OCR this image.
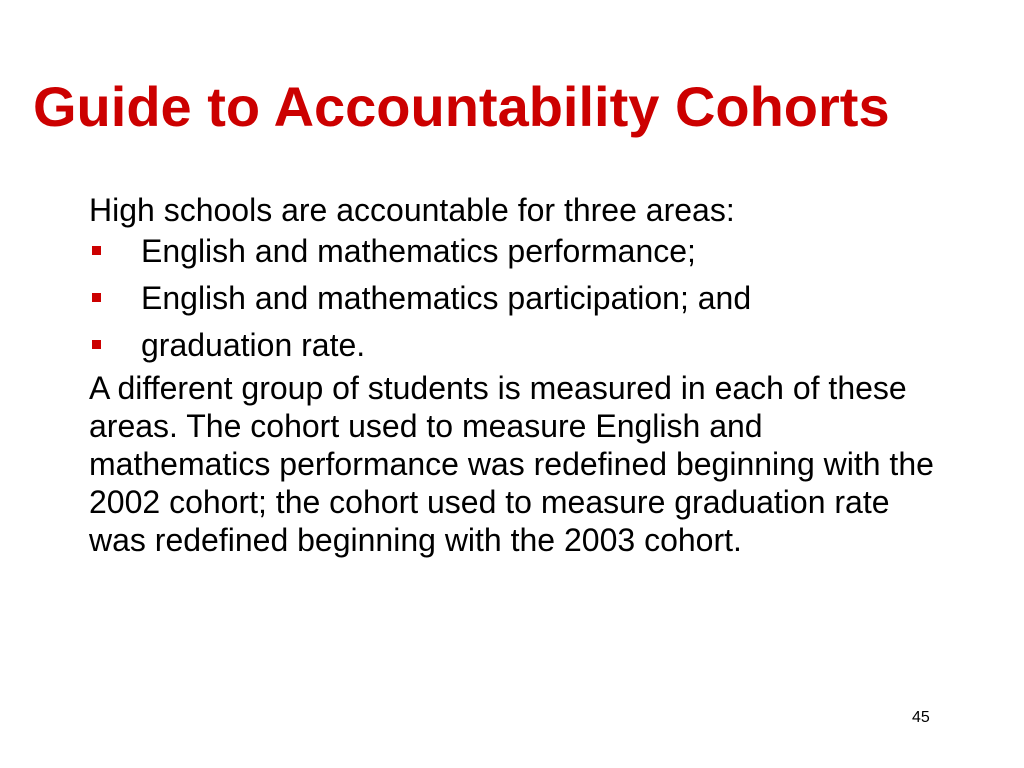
Guide to Accountability Cohorts
High schools are accountable for three areas:
English and mathematics performance;
English and mathematics participation; and
graduation rate.
A different group of students is measured in each of these areas. The cohort used to measure English and mathematics performance was redefined beginning with the 2002 cohort; the cohort used to measure graduation rate was redefined beginning with the 2003 cohort.
45
